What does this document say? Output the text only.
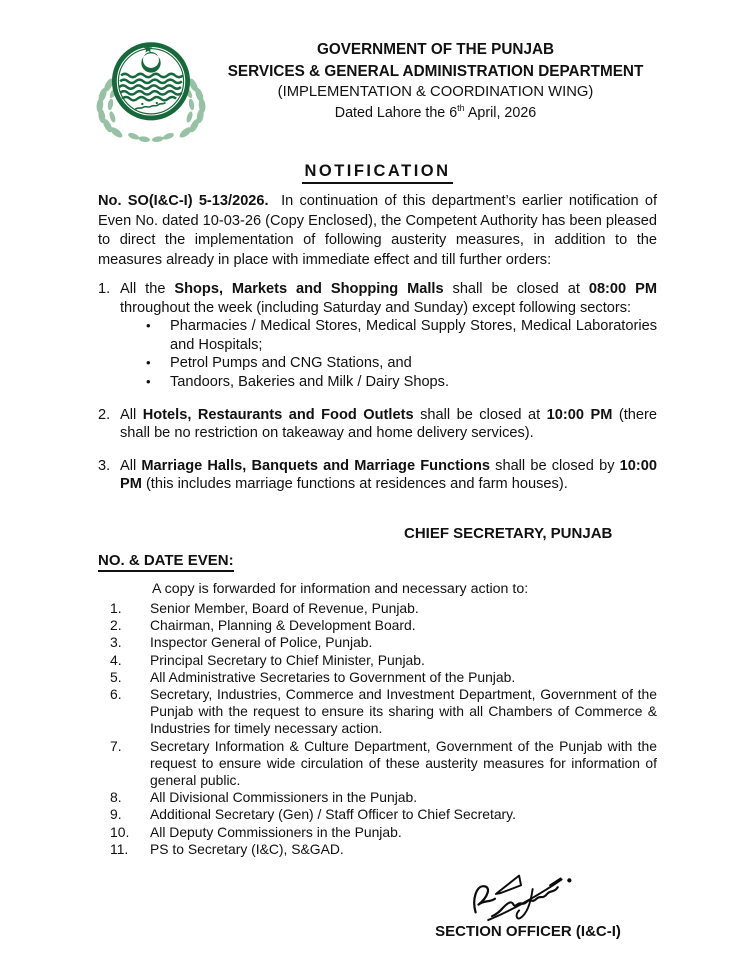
GOVERNMENT OF THE PUNJAB
SERVICES & GENERAL ADMINISTRATION DEPARTMENT
(IMPLEMENTATION & COORDINATION WING)
Dated Lahore the 6th April, 2026
NOTIFICATION

No. SO(I&C-I) 5-13/2026. In continuation of this department’s earlier notification of Even No. dated 10-03-26 (Copy Enclosed), the Competent Authority has been pleased to direct the implementation of following austerity measures, in addition to the measures already in place with immediate effect and till further orders:

1. All the Shops, Markets and Shopping Malls shall be closed at 08:00 PM throughout the week (including Saturday and Sunday) except following sectors:
•	Pharmacies / Medical Stores, Medical Supply Stores, Medical Laboratories and Hospitals;
•	Petrol Pumps and CNG Stations, and
•	Tandoors, Bakeries and Milk / Dairy Shops.
2. All Hotels, Restaurants and Food Outlets shall be closed at 10:00 PM (there shall be no restriction on takeaway and home delivery services).
3. All Marriage Halls, Banquets and Marriage Functions shall be closed by 10:00 PM (this includes marriage functions at residences and farm houses).
CHIEF SECRETARY, PUNJAB
NO. & DATE EVEN:
A copy is forwarded for information and necessary action to:
1.	Senior Member, Board of Revenue, Punjab.
2.	Chairman, Planning & Development Board.
3.	Inspector General of Police, Punjab.
4.	Principal Secretary to Chief Minister, Punjab.
5.	All Administrative Secretaries to Government of the Punjab.
6.	Secretary, Industries, Commerce and Investment Department, Government of the Punjab with the request to ensure its sharing with all Chambers of Commerce & Industries for timely necessary action.
7.	Secretary Information & Culture Department, Government of the Punjab with the request to ensure wide circulation of these austerity measures for information of general public.
8.	All Divisional Commissioners in the Punjab.
9.	Additional Secretary (Gen) / Staff Officer to Chief Secretary.
10.	All Deputy Commissioners in the Punjab.
11.	PS to Secretary (I&C), S&GAD.
SECTION OFFICER (I&C-I)
